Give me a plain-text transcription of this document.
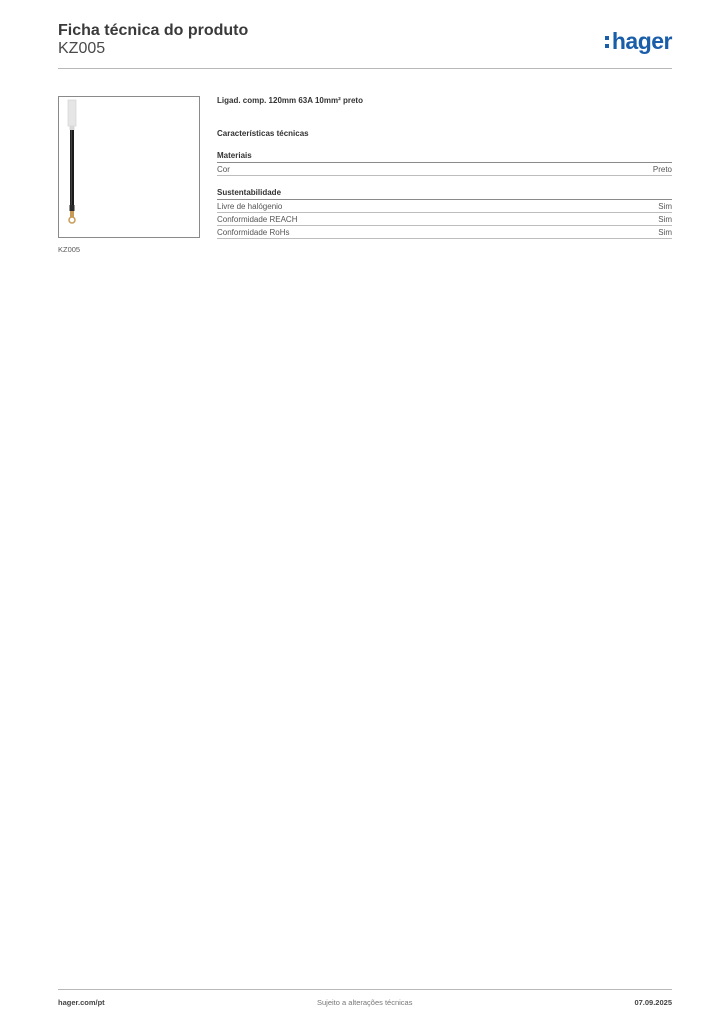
Ficha técnica do produto
KZ005	hager
KZ005
Ligad. comp. 120mm 63A 10mm² preto
Características técnicas
Materiais
Cor	Preto
Sustentabilidade
Livre de halógenio	Sim
Conformidade REACH	Sim
Conformidade RoHs	Sim
hager.com/pt	Sujeito a alterações técnicas	07.09.2025
